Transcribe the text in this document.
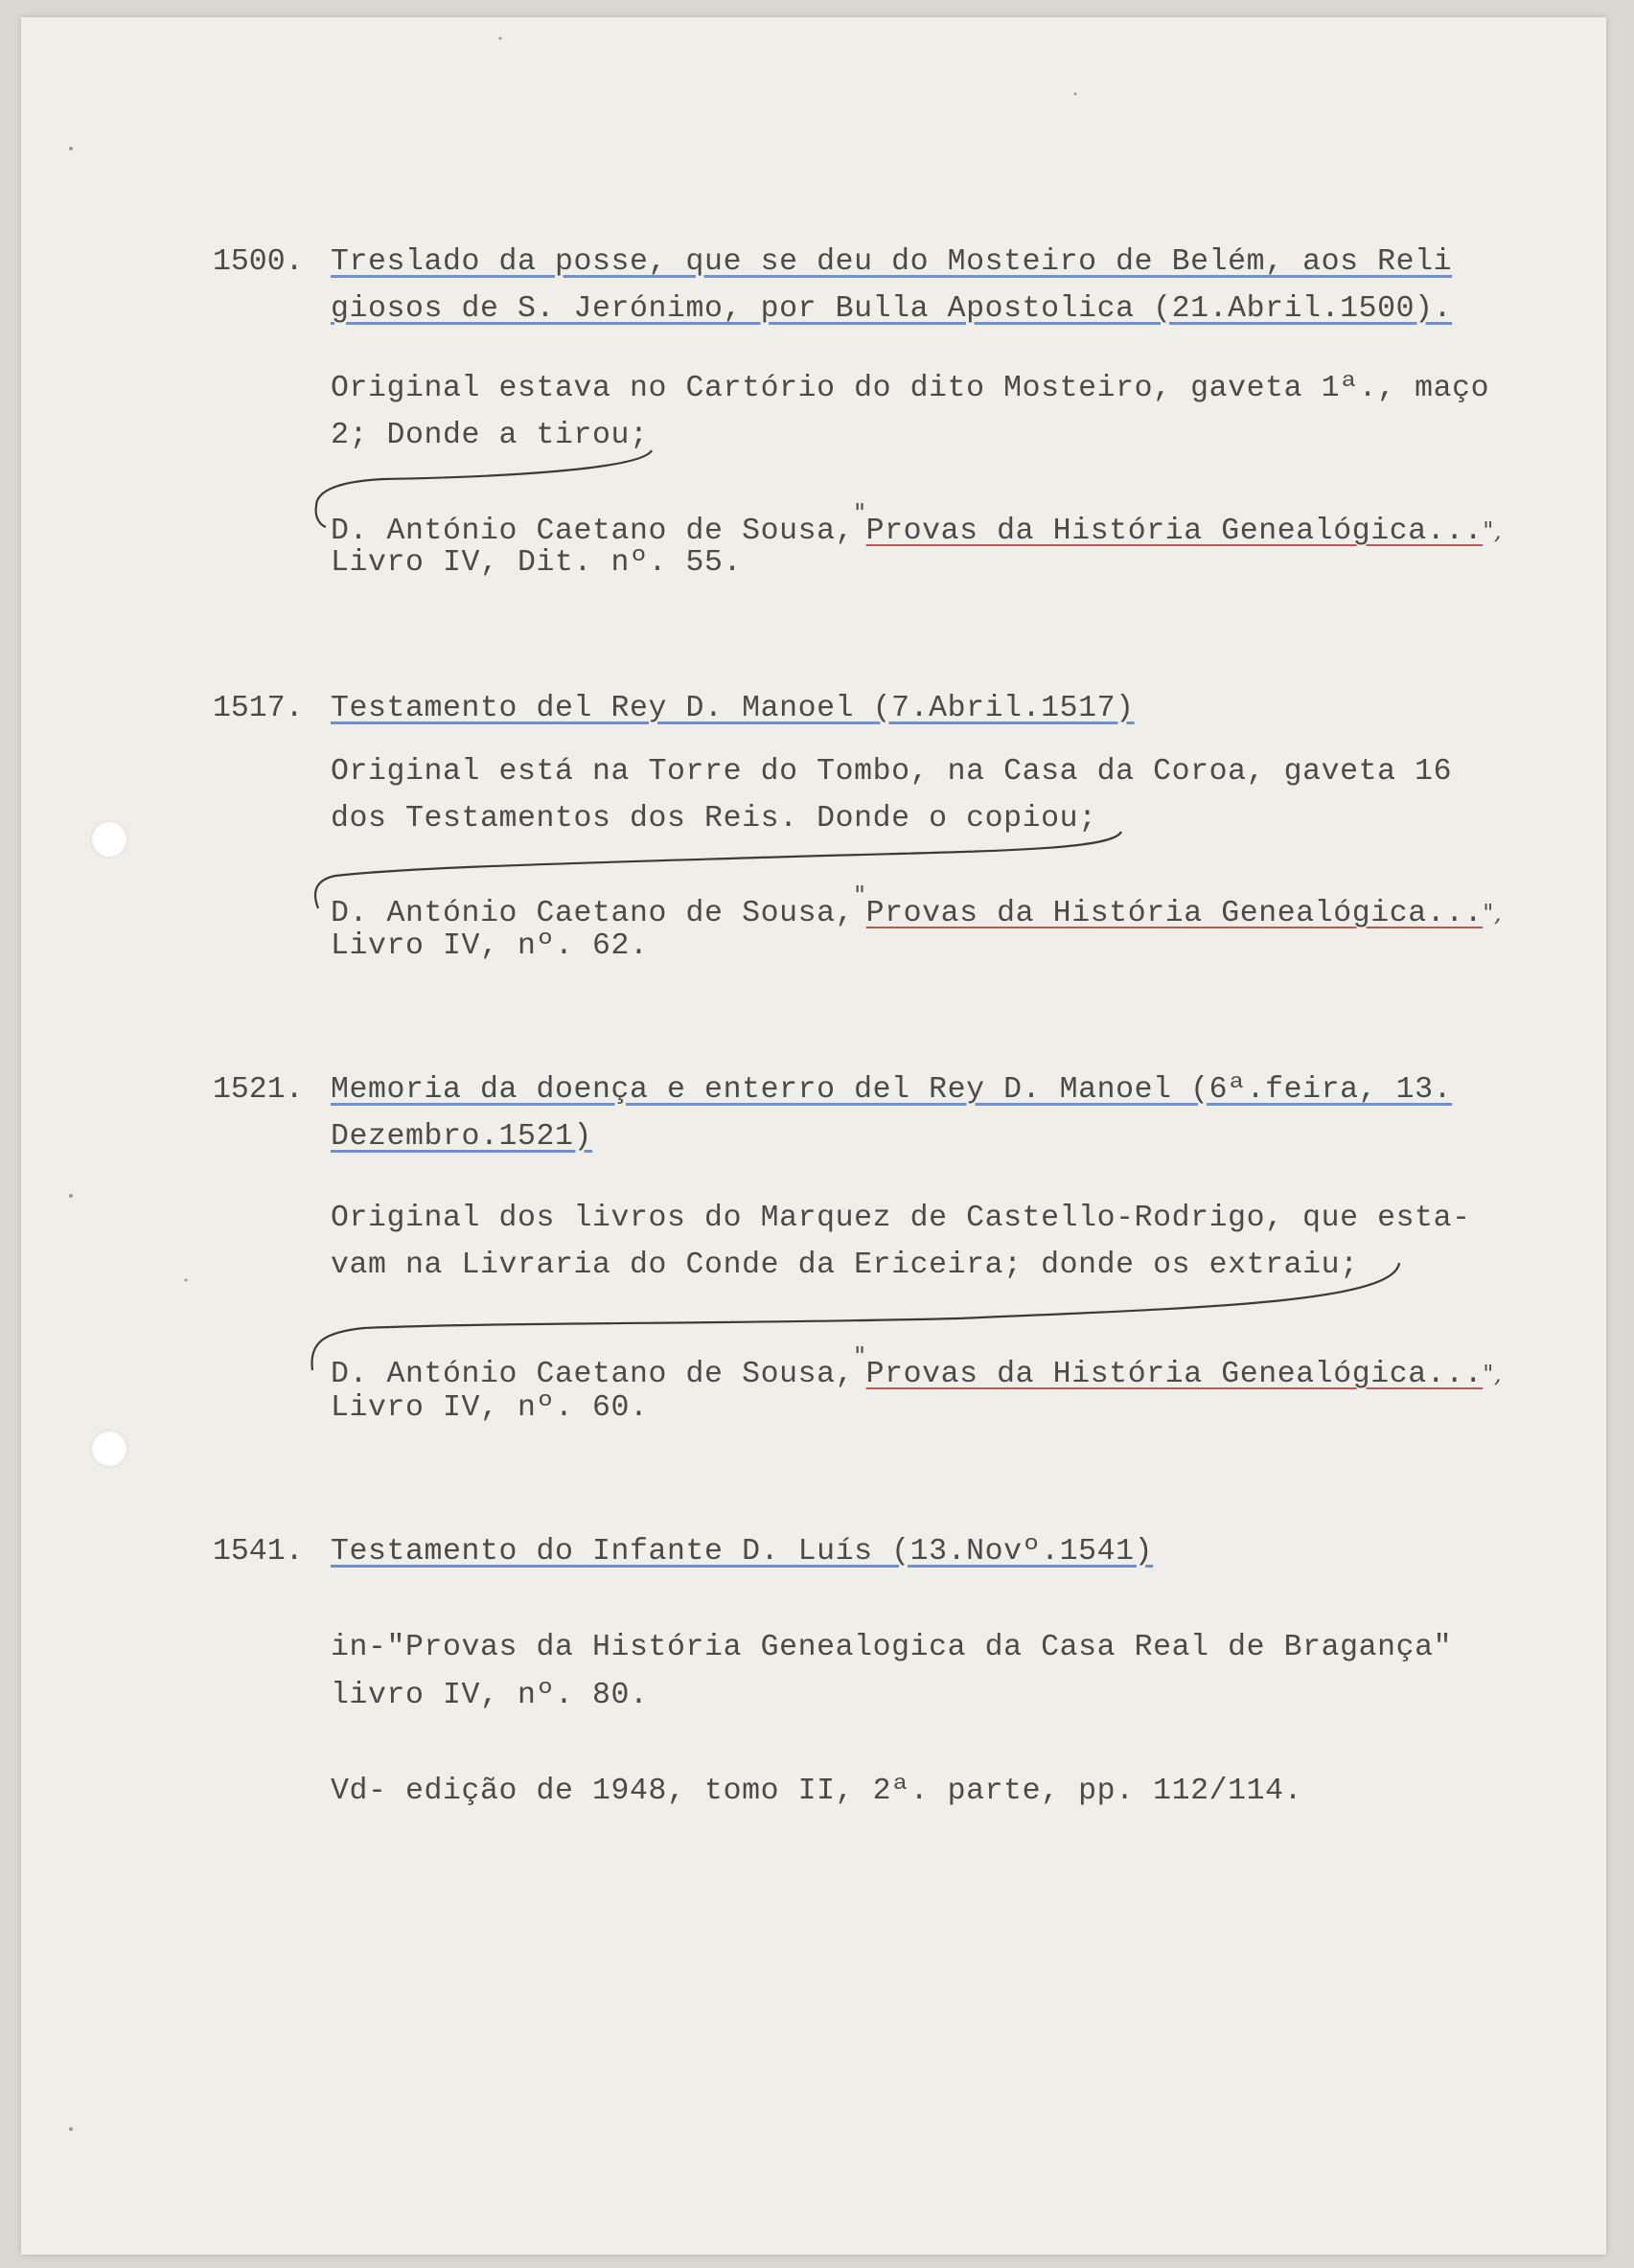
1500. Treslado da posse, que se deu do Mosteiro de Belém, aos Reli
giosos de S. Jerónimo, por Bulla Apostolica (21.Abril.1500).
Original estava no Cartório do dito Mosteiro, gaveta 1ª., maço
2; Donde a tirou;
D. António Caetano de Sousa,"Provas da História Genealógica...",
Livro IV, Dit. nº. 55.
1517. Testamento del Rey D. Manoel (7.Abril.1517)
Original está na Torre do Tombo, na Casa da Coroa, gaveta 16
dos Testamentos dos Reis. Donde o copiou;
D. António Caetano de Sousa,"Provas da História Genealógica...",
Livro IV, nº. 62.
1521. Memoria da doença e enterro del Rey D. Manoel (6ª.feira, 13.
Dezembro.1521)
Original dos livros do Marquez de Castello-Rodrigo, que esta-
vam na Livraria do Conde da Ericeira; donde os extraiu;
D. António Caetano de Sousa,"Provas da História Genealógica...",
Livro IV, nº. 60.
1541. Testamento do Infante D. Luís (13.Novº.1541)
in-"Provas da História Genealogica da Casa Real de Bragança"
livro IV, nº. 80.
Vd- edição de 1948, tomo II, 2ª. parte, pp. 112/114.
